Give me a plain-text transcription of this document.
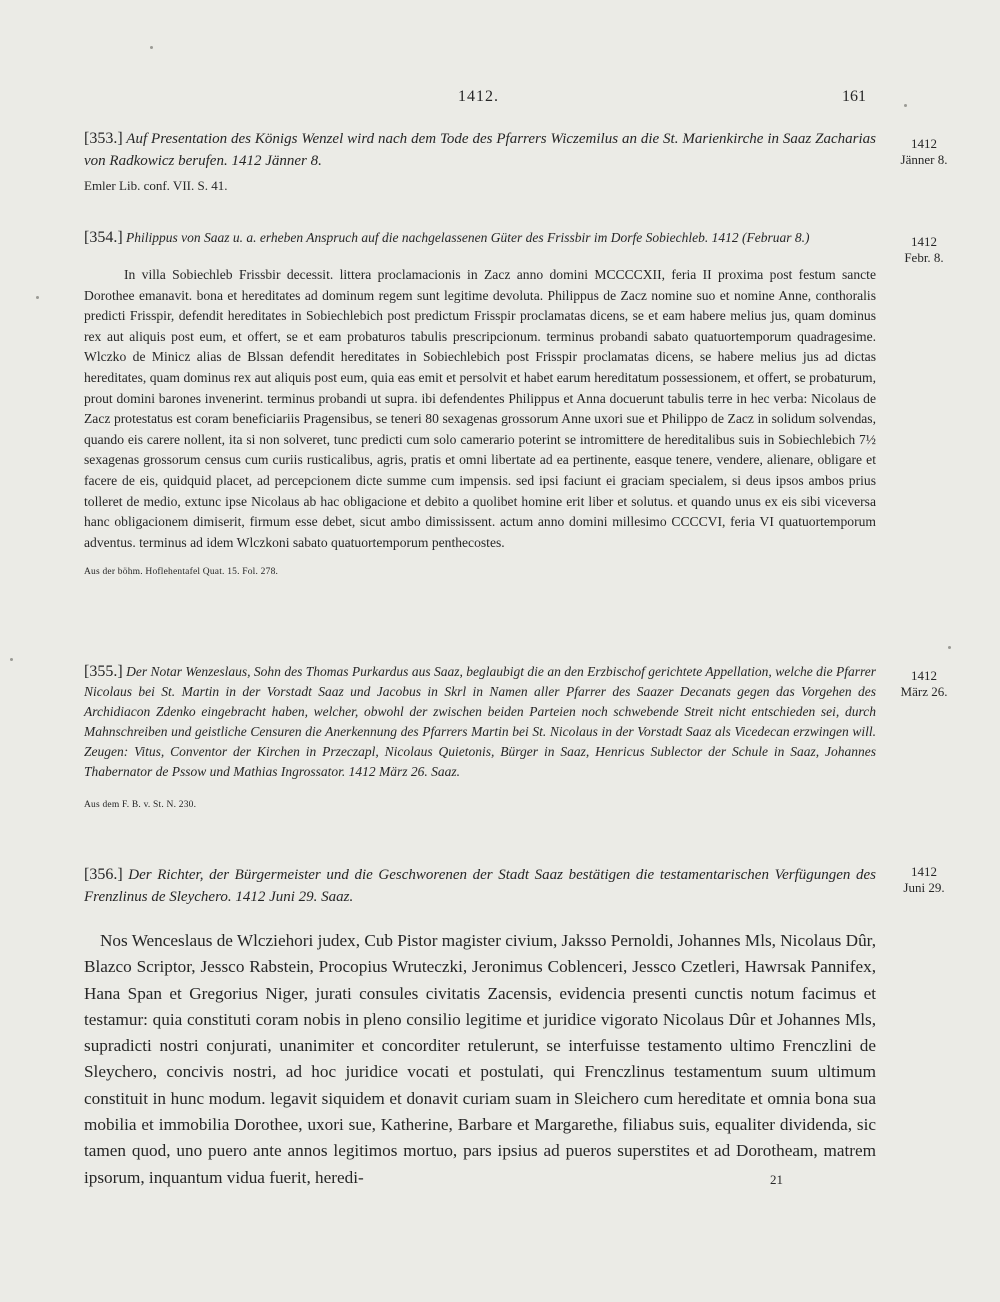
1412.	161

[353.] Auf Presentation des Königs Wenzel wird nach dem Tode des Pfarrers Wiczemilus an die St. Marienkirche in Saaz Zacharias von Radkowicz berufen. 1412 Jänner 8.

Emler Lib. conf. VII. S. 41.

1412
Jänner 8.

[354.] Philippus von Saaz u. a. erheben Anspruch auf die nachgelassenen Güter des Frissbir im Dorfe Sobiechleb. 1412 (Februar 8.)

In villa Sobiechleb Frissbir decessit. littera proclamacionis in Zacz anno domini MCCCCXII, feria II proxima post festum sancte Dorothee emanavit. bona et hereditates ad dominum regem sunt legitime devoluta. Philippus de Zacz nomine suo et nomine Anne, conthoralis predicti Frisspir, defendit hereditates in Sobiechlebich post predictum Frisspir proclamatas dicens, se et eam habere melius jus, quam dominus rex aut aliquis post eum, et offert, se et eam probaturos tabulis prescripcionum. terminus probandi sabato quatuortemporum quadragesime. Wlczko de Minicz alias de Blssan defendit hereditates in Sobiechlebich post Frisspir proclamatas dicens, se habere melius jus ad dictas hereditates, quam dominus rex aut aliquis post eum, quia eas emit et persolvit et habet earum hereditatum possessionem, et offert, se probaturum, prout domini barones invenerint. terminus probandi ut supra. ibi defendentes Philippus et Anna docuerunt tabulis terre in hec verba: Nicolaus de Zacz protestatus est coram beneficiariis Pragensibus, se teneri 80 sexagenas grossorum Anne uxori sue et Philippo de Zacz in solidum solvendas, quando eis carere nollent, ita si non solveret, tunc predicti cum solo camerario poterint se intromittere de hereditalibus suis in Sobiechlebich 7½ sexagenas grossorum census cum curiis rusticalibus, agris, pratis et omni libertate ad ea pertinente, easque tenere, vendere, alienare, obligare et facere de eis, quidquid placet, ad percepcionem dicte summe cum impensis. sed ipsi faciunt ei graciam specialem, si deus ipsos ambos prius tolleret de medio, extunc ipse Nicolaus ab hac obligacione et debito a quolibet homine erit liber et solutus. et quando unus ex eis sibi viceversa hanc obligacionem dimiserit, firmum esse debet, sicut ambo dimississent. actum anno domini millesimo CCCCVI, feria VI quatuortemporum adventus. terminus ad idem Wlczkoni sabato quatuortemporum penthecostes.

Aus der böhm. Hoflehentafel Quat. 15. Fol. 278.

1412
Febr. 8.

[355.] Der Notar Wenzeslaus, Sohn des Thomas Purkardus aus Saaz, beglaubigt die an den Erzbischof gerichtete Appellation, welche die Pfarrer Nicolaus bei St. Martin in der Vorstadt Saaz und Jacobus in Skrl in Namen aller Pfarrer des Saazer Decanats gegen das Vorgehen des Archidiacon Zdenko eingebracht haben, welcher, obwohl der zwischen beiden Parteien noch schwebende Streit nicht entschieden sei, durch Mahnschreiben und geistliche Censuren die Anerkennung des Pfarrers Martin bei St. Nicolaus in der Vorstadt Saaz als Vicedecan erzwingen will. Zeugen: Vitus, Conventor der Kirchen in Przeczapl, Nicolaus Quietonis, Bürger in Saaz, Henricus Sublector der Schule in Saaz, Johannes Thabernator de Pssow und Mathias Ingrossator. 1412 März 26. Saaz.

Aus dem F. B. v. St. N. 230.

1412
März 26.

[356.] Der Richter, der Bürgermeister und die Geschworenen der Stadt Saaz bestätigen die testamentarischen Verfügungen des Frenzlinus de Sleychero. 1412 Juni 29. Saaz.

Nos Wenceslaus de Wlcziehori judex, Cub Pistor magister civium, Jaksso Pernoldi, Johannes Mls, Nicolaus Dûr, Blazco Scriptor, Jessco Rabstein, Procopius Wruteczki, Jeronimus Coblenceri, Jessco Czetleri, Hawrsak Pannifex, Hana Span et Gregorius Niger, jurati consules civitatis Zacensis, evidencia presenti cunctis notum facimus et testamur: quia constituti coram nobis in pleno consilio legitime et juridice vigorato Nicolaus Dûr et Johannes Mls, supradicti nostri conjurati, unanimiter et concorditer retulerunt, se interfuisse testamento ultimo Frenczlini de Sleychero, concivis nostri, ad hoc juridice vocati et postulati, qui Frenczlinus testamentum suum ultimum constituit in hunc modum. legavit siquidem et donavit curiam suam in Sleichero cum hereditate et omnia bona sua mobilia et immobilia Dorothee, uxori sue, Katherine, Barbare et Margarethe, filiabus suis, equaliter dividenda, sic tamen quod, uno puero ante annos legitimos mortuo, pars ipsius ad pueros superstites et ad Dorotheam, matrem ipsorum, inquantum vidua fuerit, heredi-

1412
Juni 29.
21
